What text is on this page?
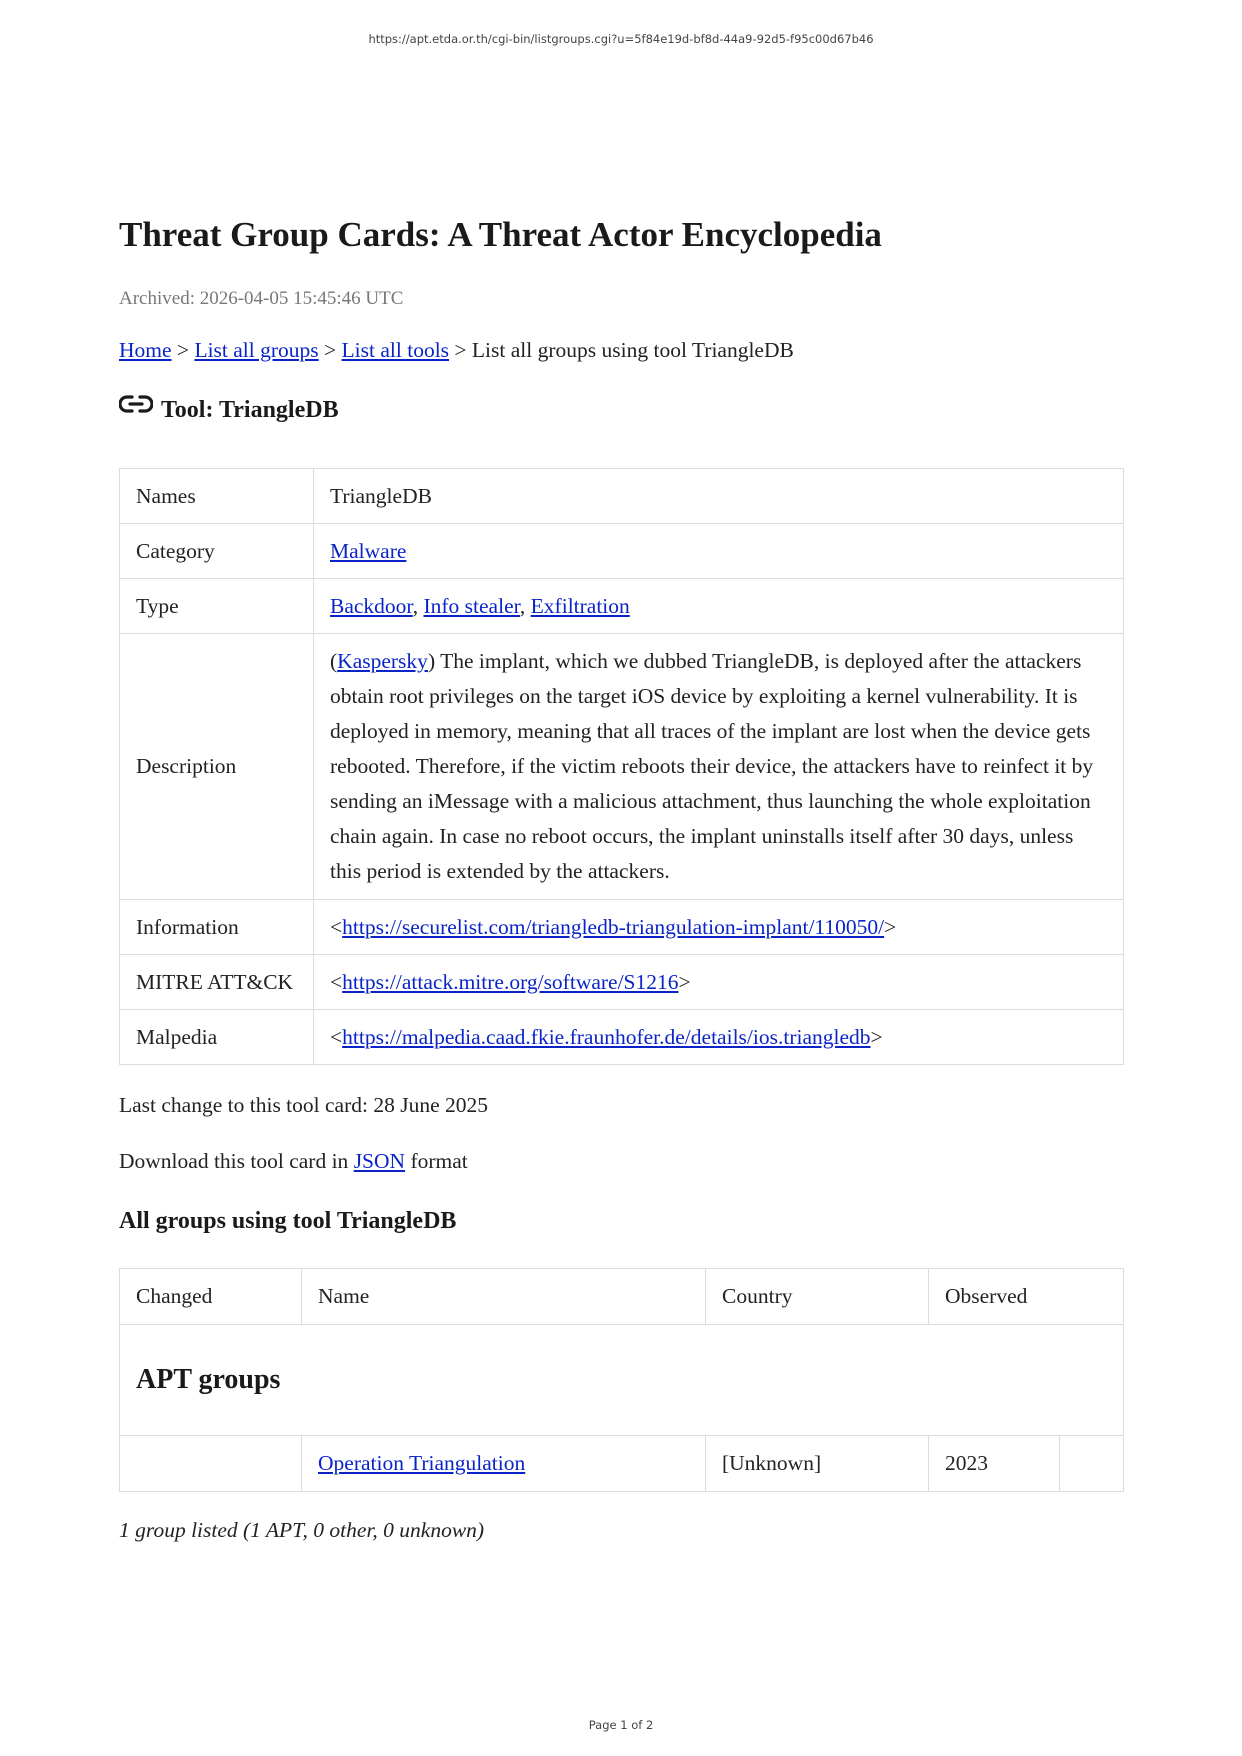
https://apt.etda.or.th/cgi-bin/listgroups.cgi?u=5f84e19d-bf8d-44a9-92d5-f95c00d67b46
Threat Group Cards: A Threat Actor Encyclopedia
Archived: 2026-04-05 15:45:46 UTC
Home > List all groups > List all tools > List all groups using tool TriangleDB
Tool: TriangleDB
Names	TriangleDB
Category	Malware
Type	Backdoor, Info stealer, Exfiltration
Description	(Kaspersky) The implant, which we dubbed TriangleDB, is deployed after the attackers obtain root privileges on the target iOS device by exploiting a kernel vulnerability. It is deployed in memory, meaning that all traces of the implant are lost when the device gets rebooted. Therefore, if the victim reboots their device, the attackers have to reinfect it by sending an iMessage with a malicious attachment, thus launching the whole exploitation chain again. In case no reboot occurs, the implant uninstalls itself after 30 days, unless this period is extended by the attackers.
Information	<https://securelist.com/triangledb-triangulation-implant/110050/>
MITRE ATT&CK	<https://attack.mitre.org/software/S1216>
Malpedia	<https://malpedia.caad.fkie.fraunhofer.de/details/ios.triangledb>
Last change to this tool card: 28 June 2025
Download this tool card in JSON format
All groups using tool TriangleDB
Changed	Name	Country	Observed	
APT groups				
	Operation Triangulation	[Unknown]	2023	
1 group listed (1 APT, 0 other, 0 unknown)
Page 1 of 2
